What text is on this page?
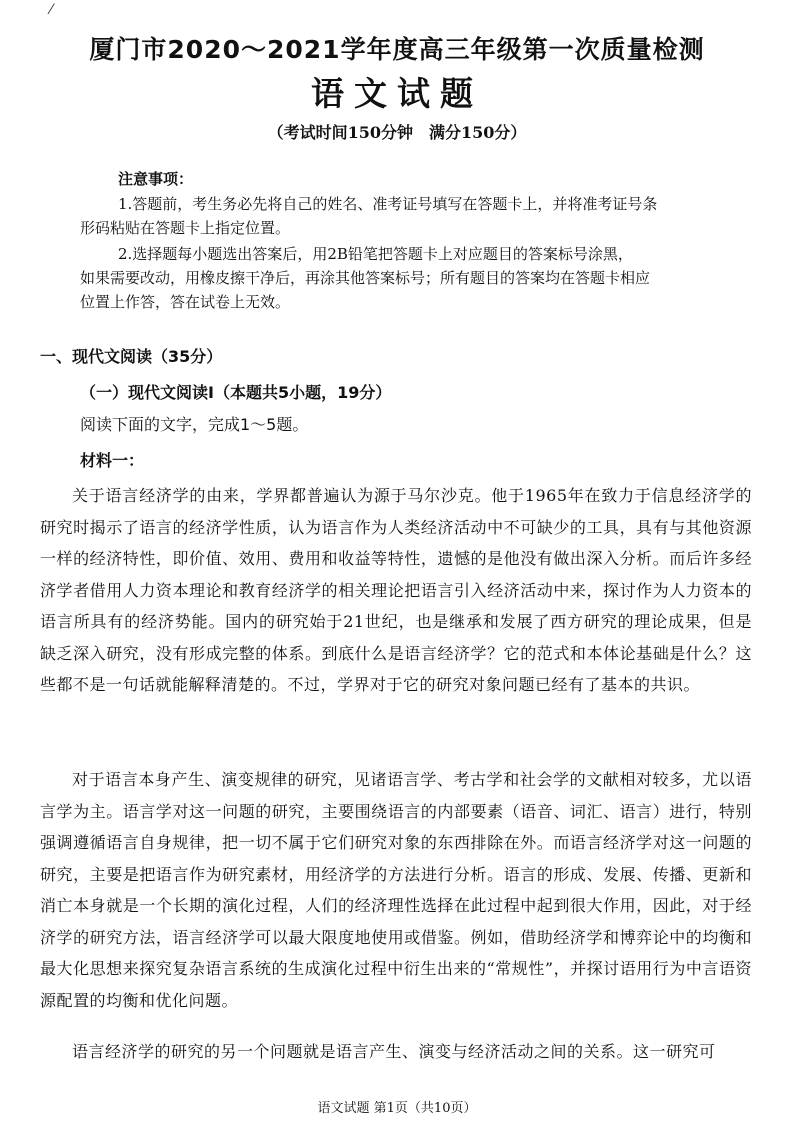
⁄
厦门市2020～2021学年度高三年级第一次质量检测
语文试题
（考试时间150分钟　满分150分）
注意事项：
1.答题前，考生务必先将自己的姓名、准考证号填写在答题卡上，并将准考证号条
形码粘贴在答题卡上指定位置。
2.选择题每小题选出答案后，用2B铅笔把答题卡上对应题目的答案标号涂黑，
如果需要改动，用橡皮擦干净后，再涂其他答案标号；所有题目的答案均在答题卡相应
位置上作答，答在试卷上无效。
一、现代文阅读（35分）
（一）现代文阅读Ⅰ（本题共5小题，19分）
阅读下面的文字，完成1～5题。
材料一：
关于语言经济学的由来，学界都普遍认为源于马尔沙克。他于1965年在致力于信息经济学的研究时揭示了语言的经济学性质，认为语言作为人类经济活动中不可缺少的工具，具有与其他资源一样的经济特性，即价值、效用、费用和收益等特性，遗憾的是他没有做出深入分析。而后许多经济学者借用人力资本理论和教育经济学的相关理论把语言引入经济活动中来，探讨作为人力资本的语言所具有的经济势能。国内的研究始于21世纪，也是继承和发展了西方研究的理论成果，但是缺乏深入研究，没有形成完整的体系。到底什么是语言经济学？它的范式和本体论基础是什么？这些都不是一句话就能解释清楚的。不过，学界对于它的研究对象问题已经有了基本的共识。
对于语言本身产生、演变规律的研究，见诸语言学、考古学和社会学的文献相对较多，尤以语言学为主。语言学对这一问题的研究，主要围绕语言的内部要素（语音、词汇、语言）进行，特别强调遵循语言自身规律，把一切不属于它们研究对象的东西排除在外。而语言经济学对这一问题的研究，主要是把语言作为研究素材，用经济学的方法进行分析。语言的形成、发展、传播、更新和消亡本身就是一个长期的演化过程，人们的经济理性选择在此过程中起到很大作用，因此，对于经济学的研究方法，语言经济学可以最大限度地使用或借鉴。例如，借助经济学和博弈论中的均衡和最大化思想来探究复杂语言系统的生成演化过程中衍生出来的“常规性”，并探讨语用行为中言语资源配置的均衡和优化问题。
语言经济学的研究的另一个问题就是语言产生、演变与经济活动之间的关系。这一研究可
语文试题 第1页（共10页）
